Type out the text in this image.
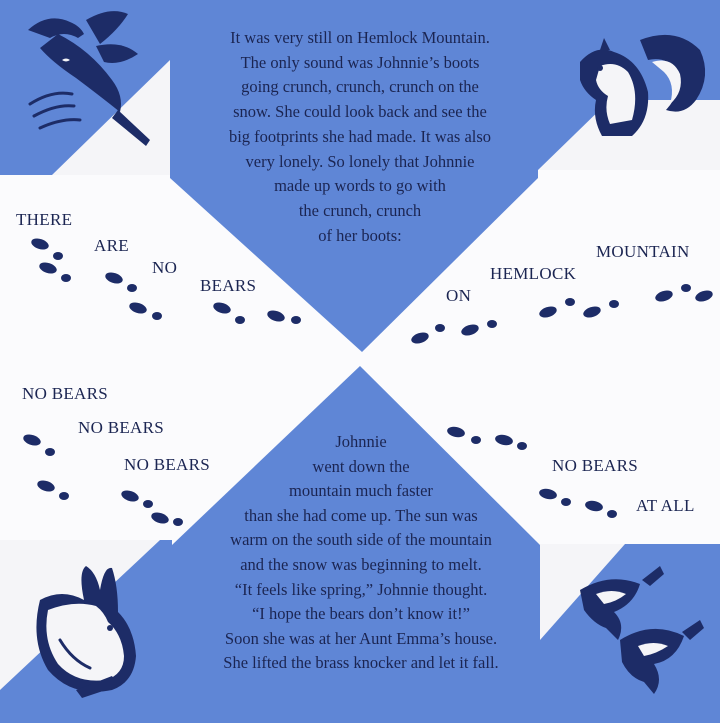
It was very still on Hemlock Mountain.
The only sound was Johnnie’s boots
going crunch, crunch, crunch on the
snow. She could look back and see the
big footprints she had made. It was also
very lonely. So lonely that Johnnie
made up words to go with
the crunch, crunch
of her boots:

Johnnie
went down the
mountain much faster
than she had come up. The sun was
warm on the south side of the mountain
and the snow was beginning to melt.
“It feels like spring,” Johnnie thought.
“I hope the bears don’t know it!”
Soon she was at her Aunt Emma’s house.
She lifted the brass knocker and let it fall.

THERE

ARE

NO

BEARS

ON

HEMLOCK

MOUNTAIN

NO BEARS

NO BEARS

NO BEARS	NO BEARS

AT ALL
